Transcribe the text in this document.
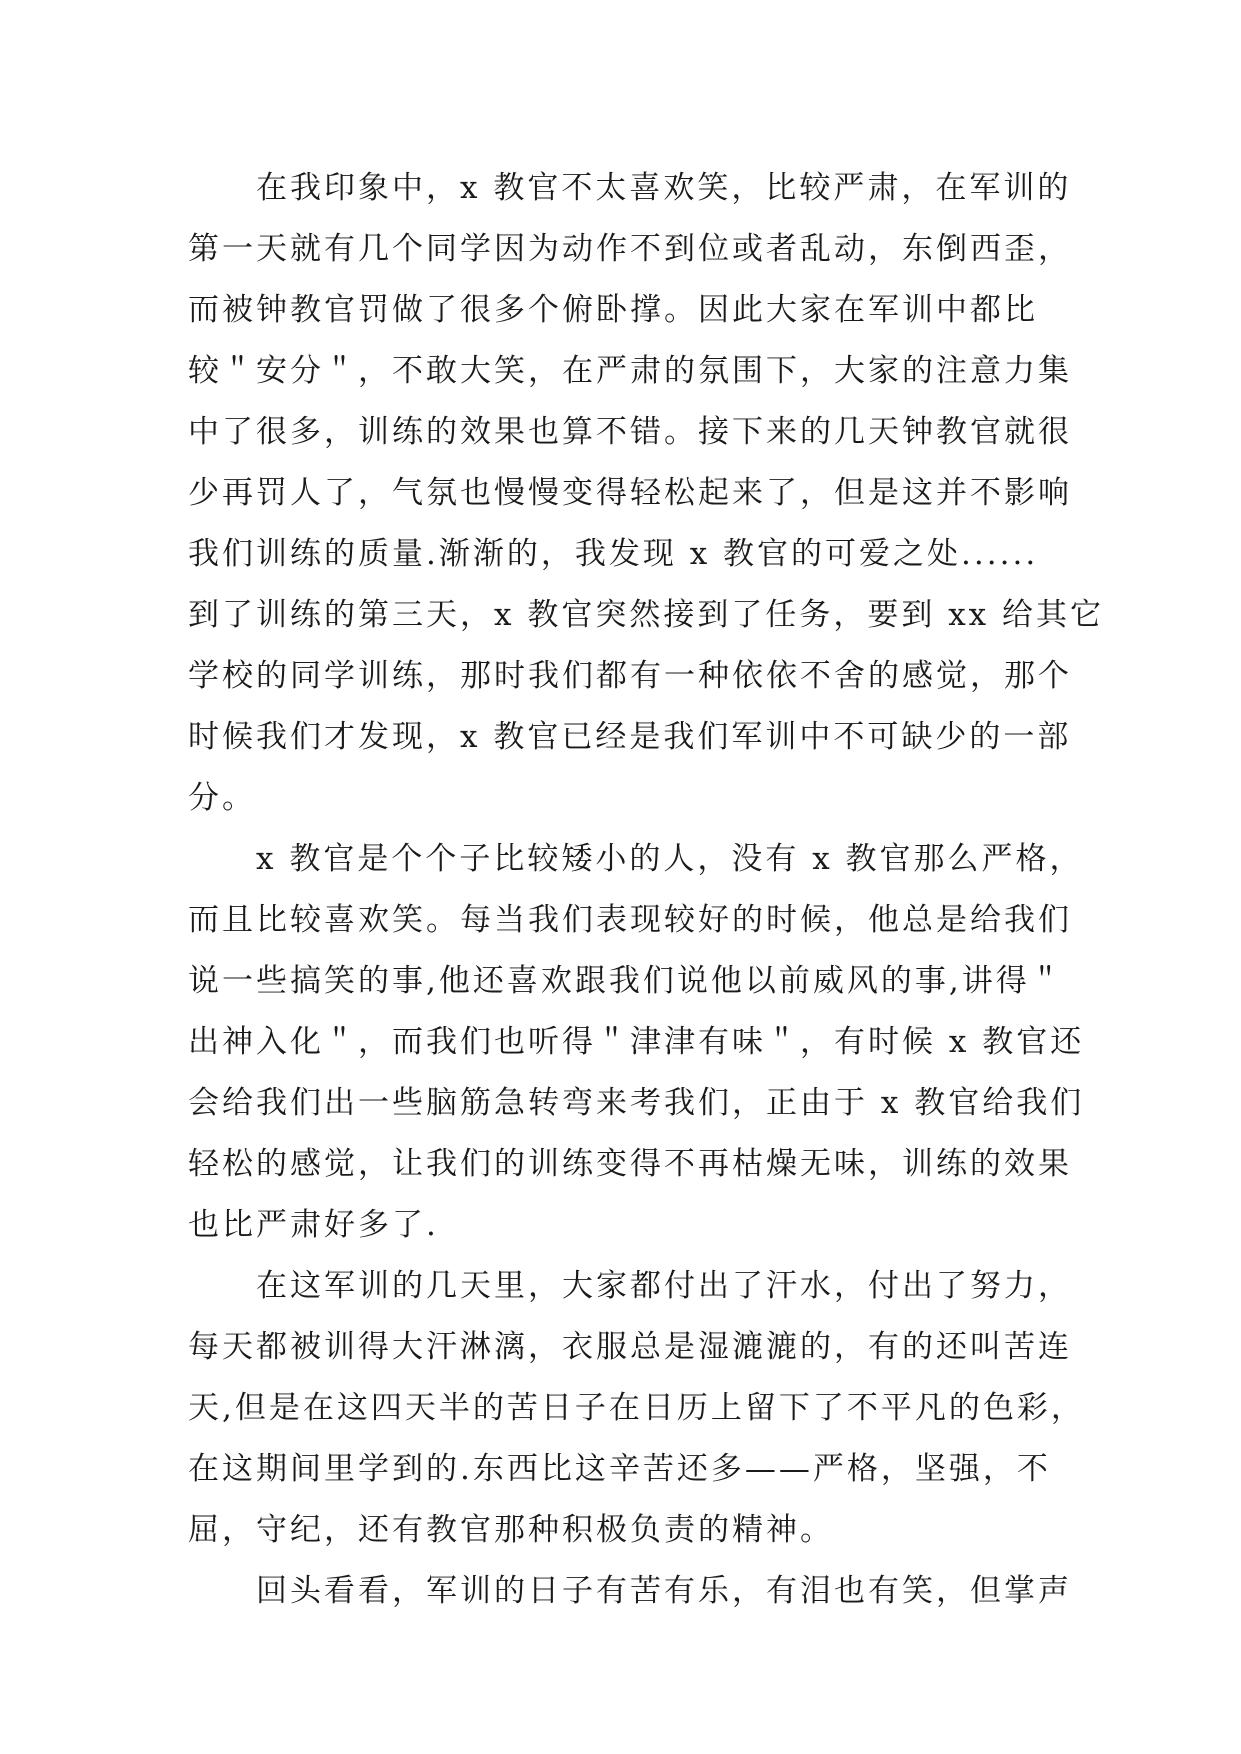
在我印象中，x 教官不太喜欢笑，比较严肃，在军训的
第一天就有几个同学因为动作不到位或者乱动，东倒西歪，
而被钟教官罚做了很多个俯卧撑。因此大家在军训中都比
较＂安分＂，不敢大笑，在严肃的氛围下，大家的注意力集
中了很多，训练的效果也算不错。接下来的几天钟教官就很
少再罚人了，气氛也慢慢变得轻松起来了，但是这并不影响
我们训练的质量.渐渐的，我发现 x 教官的可爱之处......
到了训练的第三天，x 教官突然接到了任务，要到 xx 给其它
学校的同学训练，那时我们都有一种依依不舍的感觉，那个
时候我们才发现，x 教官已经是我们军训中不可缺少的一部
分。
x 教官是个个子比较矮小的人，没有 x 教官那么严格，
而且比较喜欢笑。每当我们表现较好的时候，他总是给我们
说一些搞笑的事,他还喜欢跟我们说他以前威风的事,讲得＂
出神入化＂，而我们也听得＂津津有味＂，有时候 x 教官还
会给我们出一些脑筋急转弯来考我们，正由于 x 教官给我们
轻松的感觉，让我们的训练变得不再枯燥无味，训练的效果
也比严肃好多了.
在这军训的几天里，大家都付出了汗水，付出了努力，
每天都被训得大汗淋漓，衣服总是湿漉漉的，有的还叫苦连
天,但是在这四天半的苦日子在日历上留下了不平凡的色彩，
在这期间里学到的.东西比这辛苦还多——严格，坚强，不
屈，守纪，还有教官那种积极负责的精神。
回头看看，军训的日子有苦有乐，有泪也有笑，但掌声
